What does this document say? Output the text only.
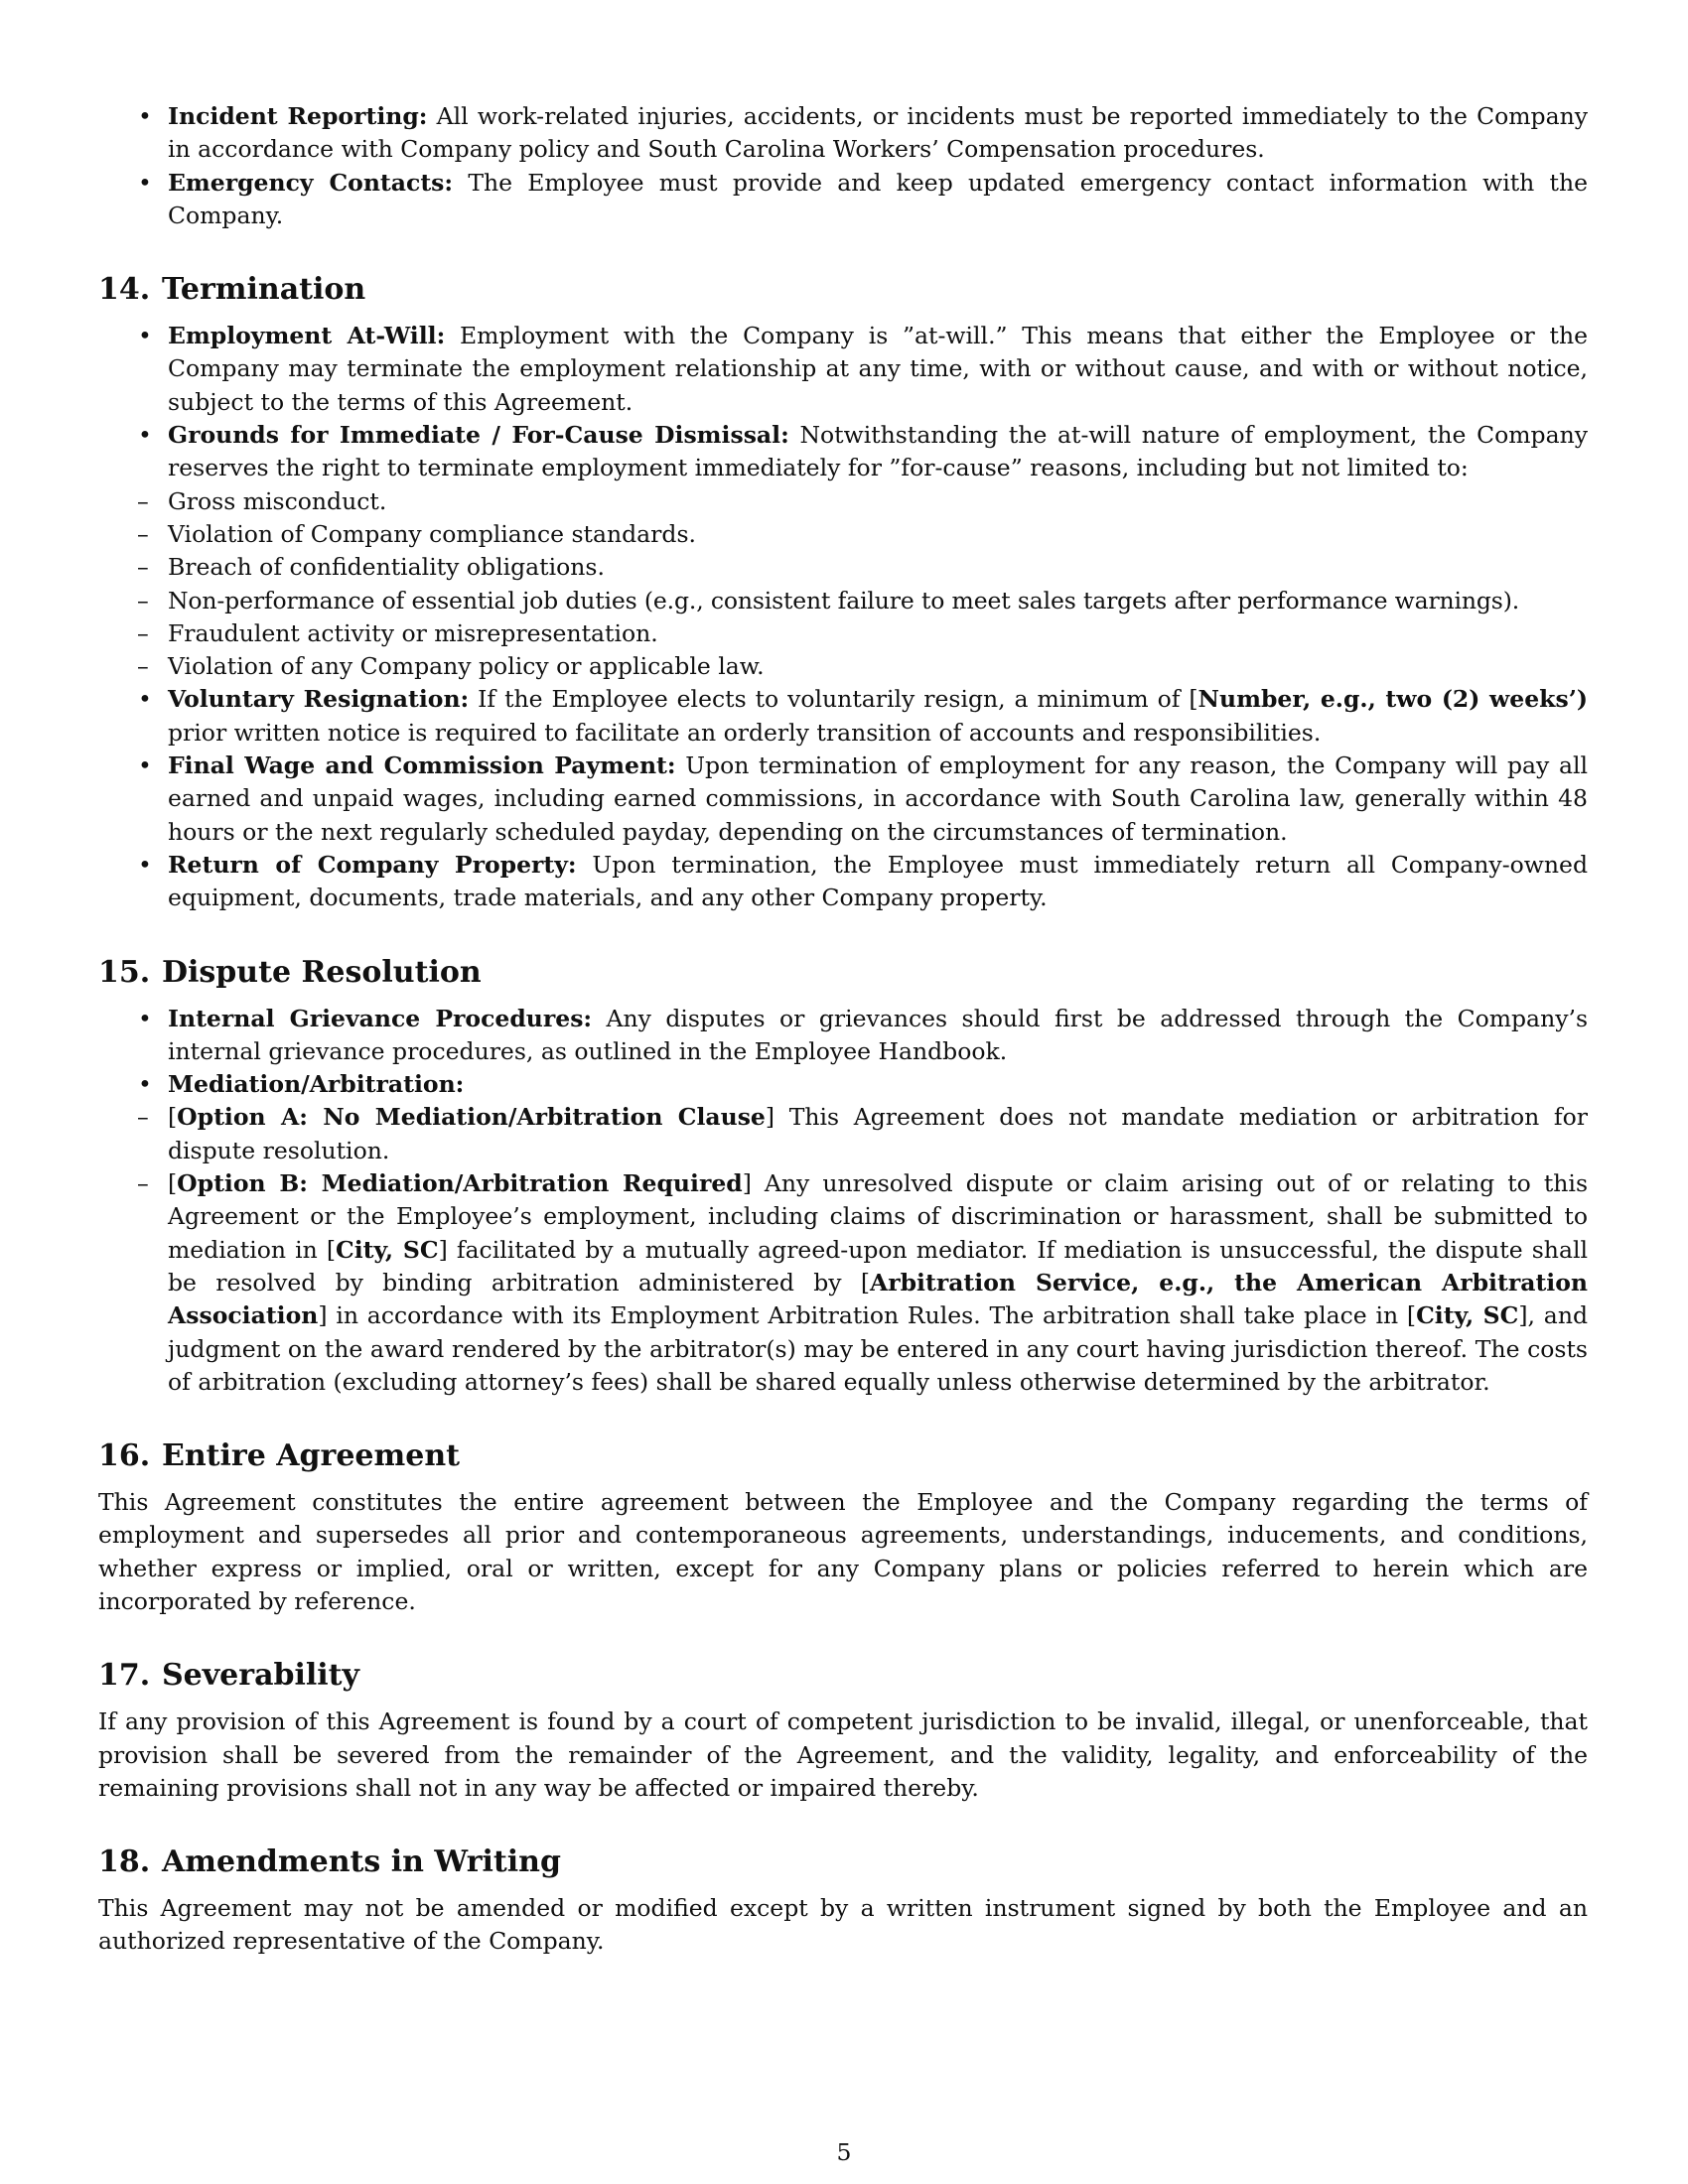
• Incident Reporting: All work-related injuries, accidents, or incidents must be reported immediately to the Company in accordance with Company policy and South Carolina Workers’ Compensation procedures.
• Emergency Contacts: The Employee must provide and keep updated emergency contact information with the Company.
14. Termination
• Employment At-Will: Employment with the Company is ”at-will.” This means that either the Employee or the Company may terminate the employment relationship at any time, with or without cause, and with or without notice, subject to the terms of this Agreement.
• Grounds for Immediate / For-Cause Dismissal: Notwithstanding the at-will nature of employment, the Company reserves the right to terminate employment immediately for ”for-cause” reasons, including but not limited to:
– Gross misconduct.
– Violation of Company compliance standards.
– Breach of confidentiality obligations.
– Non-performance of essential job duties (e.g., consistent failure to meet sales targets after performance warnings).
– Fraudulent activity or misrepresentation.
– Violation of any Company policy or applicable law.
• Voluntary Resignation: If the Employee elects to voluntarily resign, a minimum of [Number, e.g., two (2) weeks’) prior written notice is required to facilitate an orderly transition of accounts and responsibilities.
• Final Wage and Commission Payment: Upon termination of employment for any reason, the Company will pay all earned and unpaid wages, including earned commissions, in accordance with South Carolina law, generally within 48 hours or the next regularly scheduled payday, depending on the circumstances of termination.
• Return of Company Property: Upon termination, the Employee must immediately return all Company-owned equipment, documents, trade materials, and any other Company property.
15. Dispute Resolution
• Internal Grievance Procedures: Any disputes or grievances should first be addressed through the Company’s internal grievance procedures, as outlined in the Employee Handbook.
• Mediation/Arbitration:
– [Option A: No Mediation/Arbitration Clause] This Agreement does not mandate mediation or arbitration for dispute resolution.
– [Option B: Mediation/Arbitration Required] Any unresolved dispute or claim arising out of or relating to this Agreement or the Employee’s employment, including claims of discrimination or harassment, shall be submitted to mediation in [City, SC] facilitated by a mutually agreed-upon mediator. If mediation is unsuccessful, the dispute shall be resolved by binding arbitration administered by [Arbitration Service, e.g., the American Arbitration Association] in accordance with its Employment Arbitration Rules. The arbitration shall take place in [City, SC], and judgment on the award rendered by the arbitrator(s) may be entered in any court having jurisdiction thereof. The costs of arbitration (excluding attorney’s fees) shall be shared equally unless otherwise determined by the arbitrator.
16. Entire Agreement

This Agreement constitutes the entire agreement between the Employee and the Company regarding the terms of employment and supersedes all prior and contemporaneous agreements, understandings, inducements, and conditions, whether express or implied, oral or written, except for any Company plans or policies referred to herein which are incorporated by reference.

17. Severability

If any provision of this Agreement is found by a court of competent jurisdiction to be invalid, illegal, or unenforceable, that provision shall be severed from the remainder of the Agreement, and the validity, legality, and enforceability of the remaining provisions shall not in any way be affected or impaired thereby.

18. Amendments in Writing

This Agreement may not be amended or modified except by a written instrument signed by both the Employee and an authorized representative of the Company.

5
